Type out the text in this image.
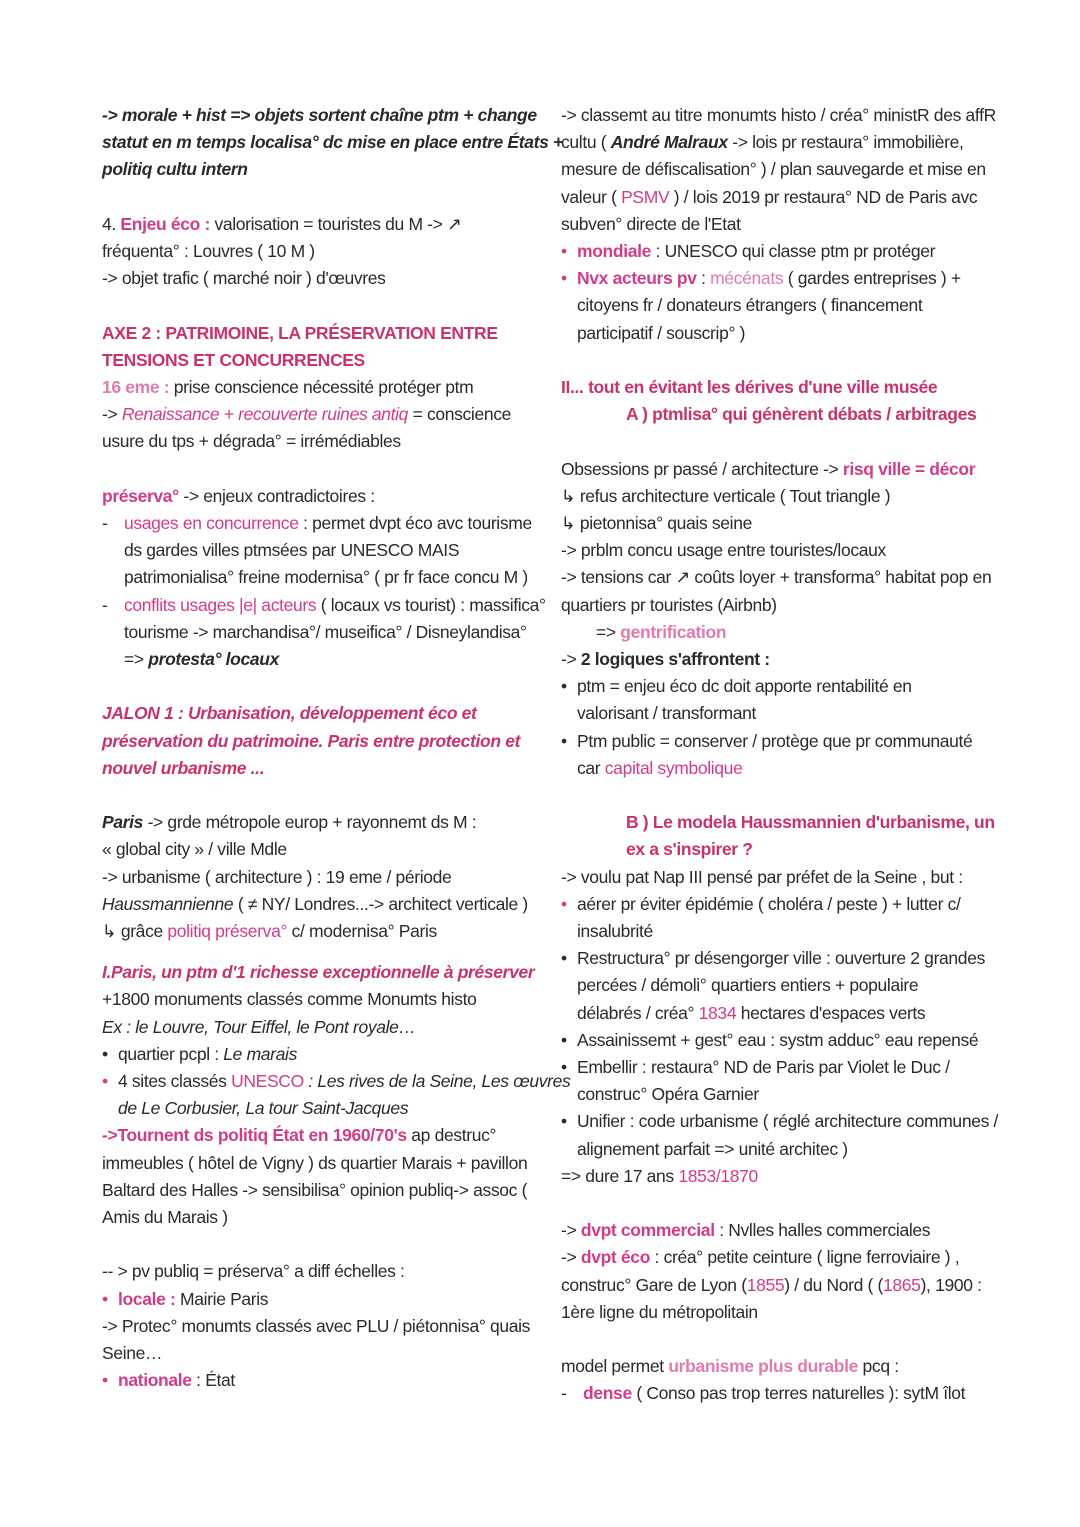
-> morale + hist => objets sortent chaîne ptm + change
statut en m temps localisa° dc mise en place entre États +
politiq cultu intern
4. Enjeu éco : valorisation = touristes du M -> ↗
fréquenta° : Louvres ( 10 M )
-> objet trafic ( marché noir ) d'œuvres
AXE 2 : PATRIMOINE, LA PRÉSERVATION ENTRE
TENSIONS ET CONCURRENCES
16 eme : prise conscience nécessité protéger ptm
-> Renaissance + recouverte ruines antiq = conscience
usure du tps + dégrada° = irrémédiables
préserva° -> enjeux contradictoires :
- usages en concurrence : permet dvpt éco avc tourisme
ds gardes villes ptmsées par UNESCO MAIS
patrimonialisa° freine modernisa° ( pr fr face concu M )
- conflits usages |e| acteurs ( locaux vs tourist) : massifica°
tourisme -> marchandisa°/ museifica° / Disneylandisa°
=> protesta° locaux
JALON 1 : Urbanisation, développement éco et
préservation du patrimoine. Paris entre protection et
nouvel urbanisme ...
Paris -> grde métropole europ + rayonnemt ds M :
« global city » / ville Mdle
-> urbanisme ( architecture ) : 19 eme / période
Haussmannienne ( ≠ NY/ Londres...-> architect verticale )
↳ grâce politiq préserva° c/ modernisa° Paris
I.Paris, un ptm d'1 richesse exceptionnelle à préserver
+1800 monuments classés comme Monumts histo
Ex : le Louvre, Tour Eiffel, le Pont royale…
• quartier pcpl : Le marais
• 4 sites classés UNESCO : Les rives de la Seine, Les œuvres
de Le Corbusier, La tour Saint-Jacques
->Tournent ds politiq État en 1960/70's ap destruc°
immeubles ( hôtel de Vigny ) ds quartier Marais + pavillon
Baltard des Halles -> sensibilisa° opinion publiq-> assoc (
Amis du Marais )
-- > pv publiq = préserva° a diff échelles :
• locale : Mairie Paris
-> Protec° monumts classés avec PLU / piétonnisa° quais
Seine…
• nationale : État
-> classemt au titre monumts histo / créa° ministR des affR
cultu ( André Malraux -> lois pr restaura° immobilière,
mesure de défiscalisation° ) / plan sauvegarde et mise en
valeur ( PSMV ) / lois 2019 pr restaura° ND de Paris avc
subven° directe de l'Etat
• mondiale : UNESCO qui classe ptm pr protéger
• Nvx acteurs pv : mécénats ( gardes entreprises ) +
citoyens fr / donateurs étrangers ( financement
participatif / souscrip° )
II... tout en évitant les dérives d'une ville musée
A ) ptmlisa° qui génèrent débats / arbitrages
Obsessions pr passé / architecture -> risq ville = décor
↳ refus architecture verticale ( Tout triangle )
↳ pietonnisa° quais seine
-> prblm concu usage entre touristes/locaux
-> tensions car ↗ coûts loyer + transforma° habitat pop en
quartiers pr touristes (Airbnb)
=> gentrification
-> 2 logiques s'affrontent :
• ptm = enjeu éco dc doit apporte rentabilité en
valorisant / transformant
• Ptm public = conserver / protège que pr communauté
car capital symbolique
B ) Le modela Haussmannien d'urbanisme, un
ex a s'inspirer ?
-> voulu pat Nap III pensé par préfet de la Seine , but :
• aérer pr éviter épidémie ( choléra / peste ) + lutter c/
insalubrité
• Restructura° pr désengorger ville : ouverture 2 grandes
percées / démoli° quartiers entiers + populaire
délabrés / créa° 1834 hectares d'espaces verts
• Assainissemt + gest° eau : systm adduc° eau repensé
• Embellir : restaura° ND de Paris par Violet le Duc /
construc° Opéra Garnier
• Unifier : code urbanisme ( réglé architecture communes /
alignement parfait => unité architec )
=> dure 17 ans 1853/1870
-> dvpt commercial : Nvlles halles commerciales
-> dvpt éco : créa° petite ceinture ( ligne ferroviaire ) ,
construc° Gare de Lyon (1855) / du Nord ( (1865), 1900 :
1ère ligne du métropolitain
model permet urbanisme plus durable pcq :
- dense ( Conso pas trop terres naturelles ): sytM îlot
